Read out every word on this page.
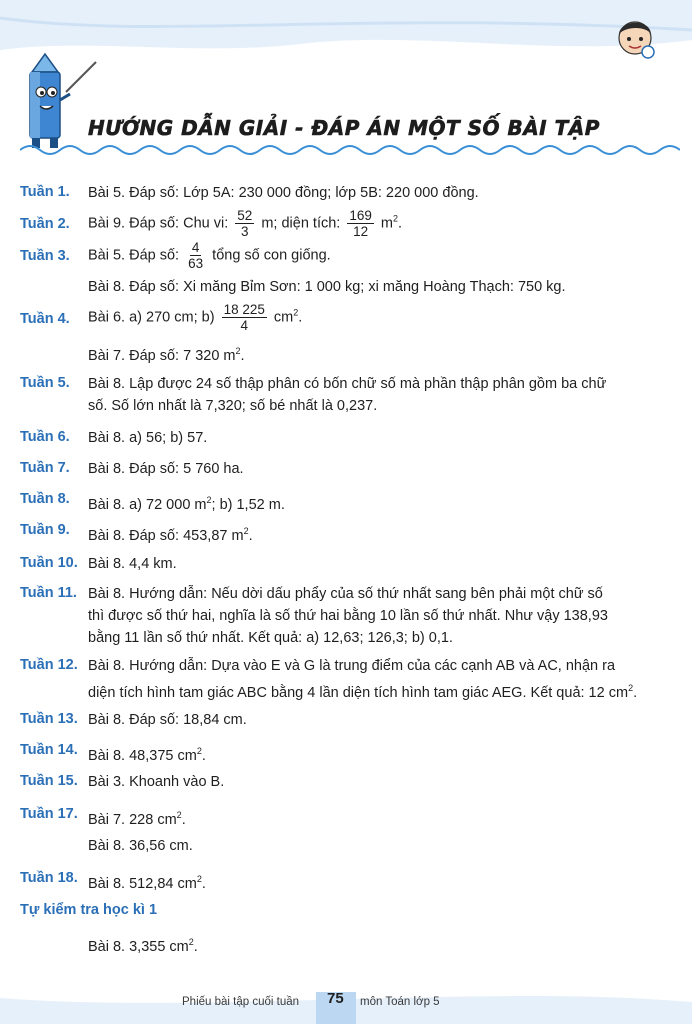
HƯỚNG DẪN GIẢI - ĐÁP ÁN MỘT SỐ BÀI TẬP
Tuần 1. Bài 5. Đáp số: Lớp 5A: 230 000 đồng; lớp 5B: 220 000 đồng.
Tuần 2. Bài 9. Đáp số: Chu vi: $\frac{52}{3} m$; diện tích: $\frac{169}{12} m^2$.
Tuần 3. Bài 5. Đáp số: $\frac{4}{63}$ tổng số con giống.
Bài 8. Đáp số: Xi măng Bỉm Sơn: 1 000 kg; xi măng Hoàng Thạch: 750 kg.
Tuần 4. Bài 6. a) 270 cm; $b) \frac{18 225}{4} cm^2$.
Bài 7. Đáp số: 7 320 $m^2$.
Tuần 5. Bài 8. Lập được 24 số thập phân có bốn chữ số mà phần thập phân gồm ba chữ
số. Số lớn nhất là 7,320; số bé nhất là 0,237.
Tuần 6. Bài 8. a) 56; b) 57.
Tuần 7. Bài 8. Đáp số: 5 760 ha.
Tuần 8. Bài 8. a) 72 000 $m^2$; b) 1,52 m.
Tuần 9. Bài 8. Đáp số: 453,87 $m^2$.
Tuần 10. Bài 8. 4,4 km.
Tuần 11. Bài 8. Hướng dẫn: Nếu dời dấu phẩy của số thứ nhất sang bên phải một chữ số
thì được số thứ hai, nghĩa là số thứ hai bằng 10 lần số thứ nhất. Như vậy 138,93
bằng 11 lần số thứ nhất. Kết quả: a) 12,63; 126,3; b) 0,1.
Tuần 12. Bài 8. Hướng dẫn: Dựa vào E và G là trung điểm của các cạnh AB và AC, nhận ra
diện tích hình tam giác ABC bằng 4 lần diện tích hình tam giác AEG. Kết quả: 12 $cm^2$.
Tuần 13. Bài 8. Đáp số: 18,84 cm.
Tuần 14. Bài 8. 48,375 $cm^2$.
Tuần 15. Bài 3. Khoanh vào B.
Tuần 17. Bài 7. 228 $cm^2$.
Bài 8. 36,56 cm.
Tuần 18. Bài 8. 512,84 $cm^2$.
Tự kiểm tra học kì 1
Bài 8. 3,355 $cm^2$.
Phiếu bài tập cuối tuần 75 môn Toán lớp 5
